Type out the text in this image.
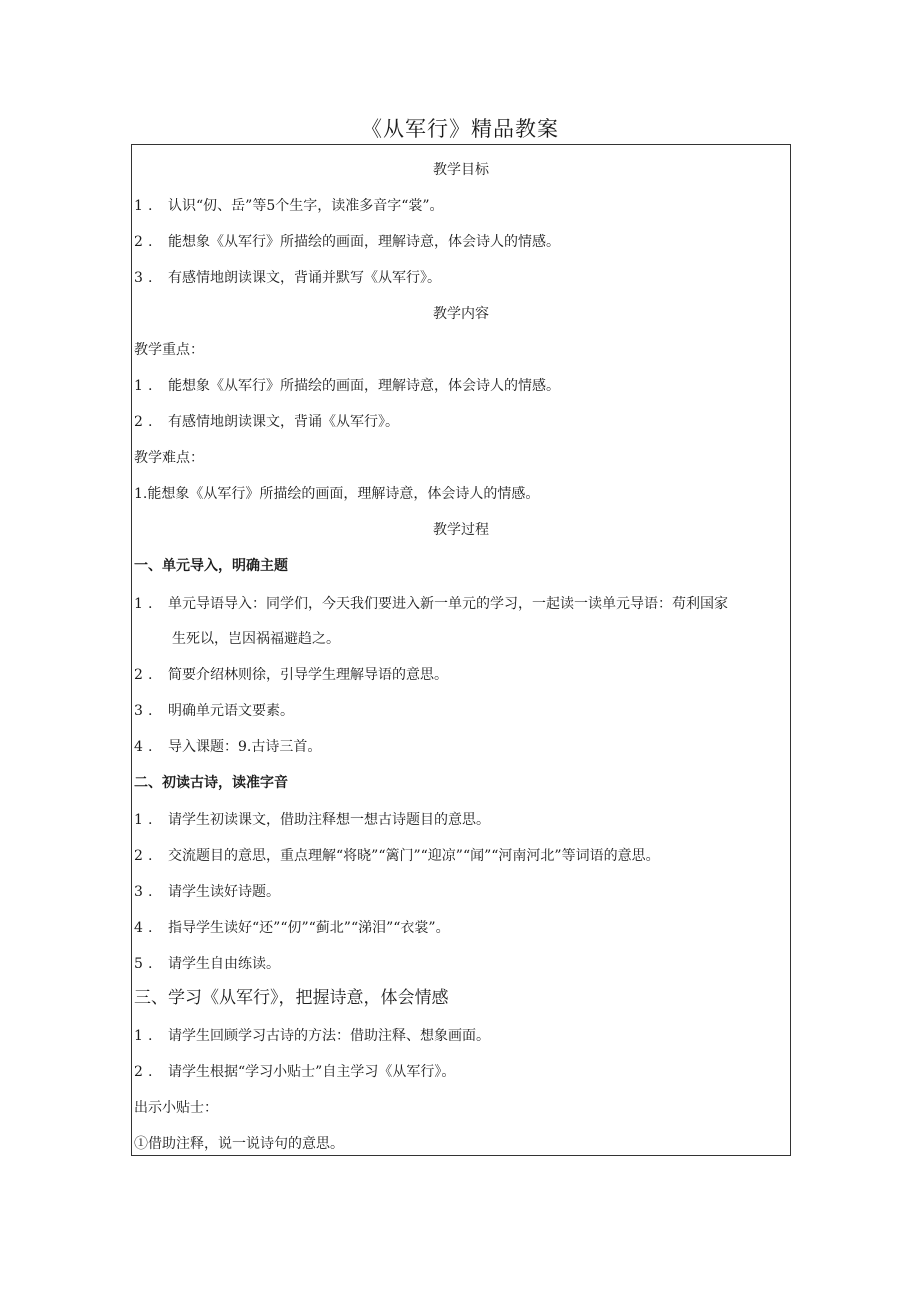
《从军行》精品教案
教学目标
1 . 认识“仞、岳”等5个生字，读准多音字“裳”。
2 . 能想象《从军行》所描绘的画面，理解诗意，体会诗人的情感。
3 . 有感情地朗读课文，背诵并默写《从军行》。
教学内容
教学重点：
1 . 能想象《从军行》所描绘的画面，理解诗意，体会诗人的情感。
2 . 有感情地朗读课文，背诵《从军行》。
教学难点：
1.能想象《从军行》所描绘的画面，理解诗意，体会诗人的情感。
教学过程
一、单元导入，明确主题
1 . 单元导语导入：同学们，今天我们要进入新一单元的学习，一起读一读单元导语：苟利国家
生死以，岂因祸福避趋之。
2 . 简要介绍林则徐，引导学生理解导语的意思。
3 . 明确单元语文要素。
4 . 导入课题：9.古诗三首。
二、初读古诗，读准字音
1 . 请学生初读课文，借助注释想一想古诗题目的意思。
2 . 交流题目的意思，重点理解“将晓”“篱门”“迎凉”“闻”“河南河北”等词语的意思。
3 . 请学生读好诗题。
4 . 指导学生读好“还”“仞”“蓟北”“涕泪”“衣裳”。
5 . 请学生自由练读。
三、学习《从军行》，把握诗意，体会情感
1 . 请学生回顾学习古诗的方法：借助注释、想象画面。
2 . 请学生根据“学习小贴士”自主学习《从军行》。
出示小贴士：
①借助注释，说一说诗句的意思。
